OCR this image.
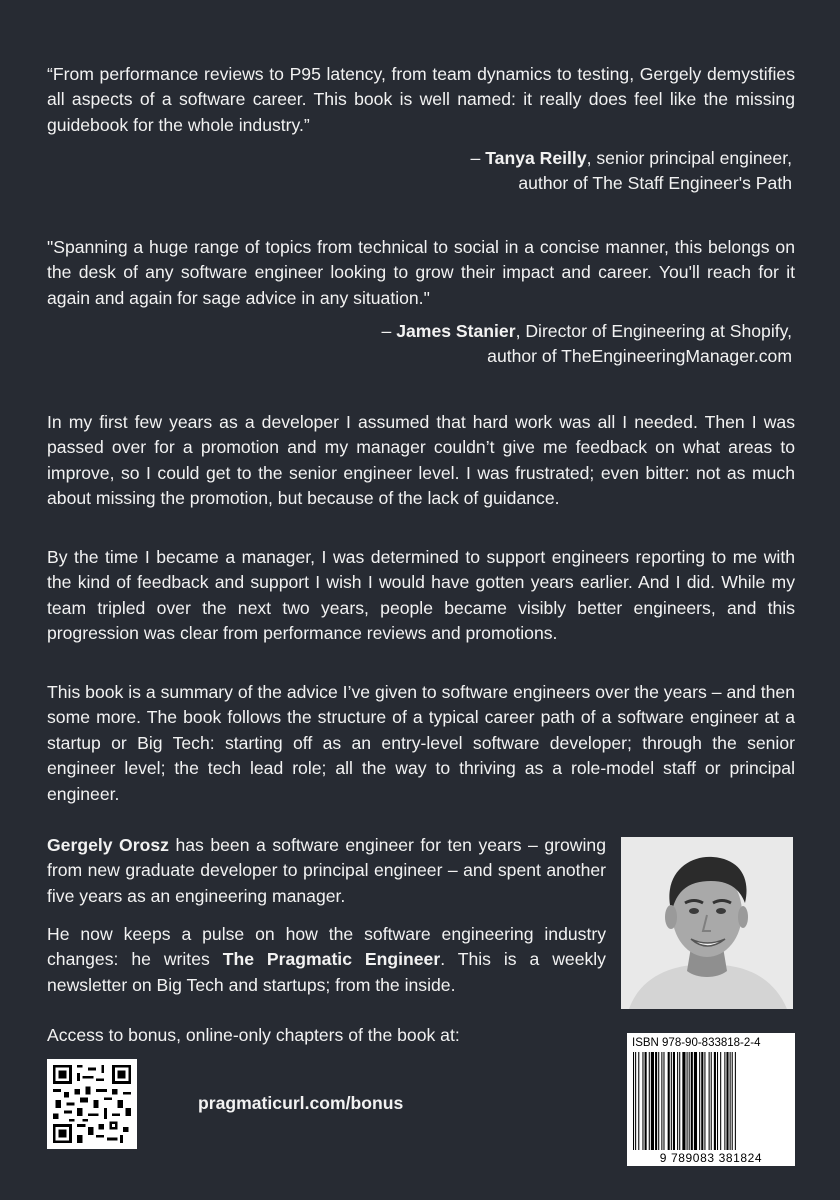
“From performance reviews to P95 latency, from team dynamics to testing, Gergely demystifies all aspects of a software career. This book is well named: it really does feel like the missing guidebook for the whole industry.”
– Tanya Reilly, senior principal engineer,
author of The Staff Engineer's Path
"Spanning a huge range of topics from technical to social in a concise manner, this belongs on the desk of any software engineer looking to grow their impact and career. You'll reach for it again and again for sage advice in any situation."
– James Stanier, Director of Engineering at Shopify,
author of TheEngineeringManager.com
In my first few years as a developer I assumed that hard work was all I needed. Then I was passed over for a promotion and my manager couldn’t give me feedback on what areas to improve, so I could get to the senior engineer level. I was frustrated; even bitter: not as much about missing the promotion, but because of the lack of guidance.
By the time I became a manager, I was determined to support engineers reporting to me with the kind of feedback and support I wish I would have gotten years earlier. And I did. While my team tripled over the next two years, people became visibly better engineers, and this progression was clear from performance reviews and promotions.
This book is a summary of the advice I’ve given to software engineers over the years – and then some more. The book follows the structure of a typical career path of a software engineer at a startup or Big Tech: starting off as an entry-level software developer; through the senior engineer level; the tech lead role; all the way to thriving as a role-model staff or principal engineer.
Gergely Orosz has been a software engineer for ten years – growing from new graduate developer to principal engineer – and spent another five years as an engineering manager.
He now keeps a pulse on how the software engineering industry changes: he writes The Pragmatic Engineer. This is a weekly newsletter on Big Tech and startups; from the inside.
Access to bonus, online-only chapters of the book at:
pragmaticurl.com/bonus
ISBN 978-90-833818-2-4
9 789083 381824
